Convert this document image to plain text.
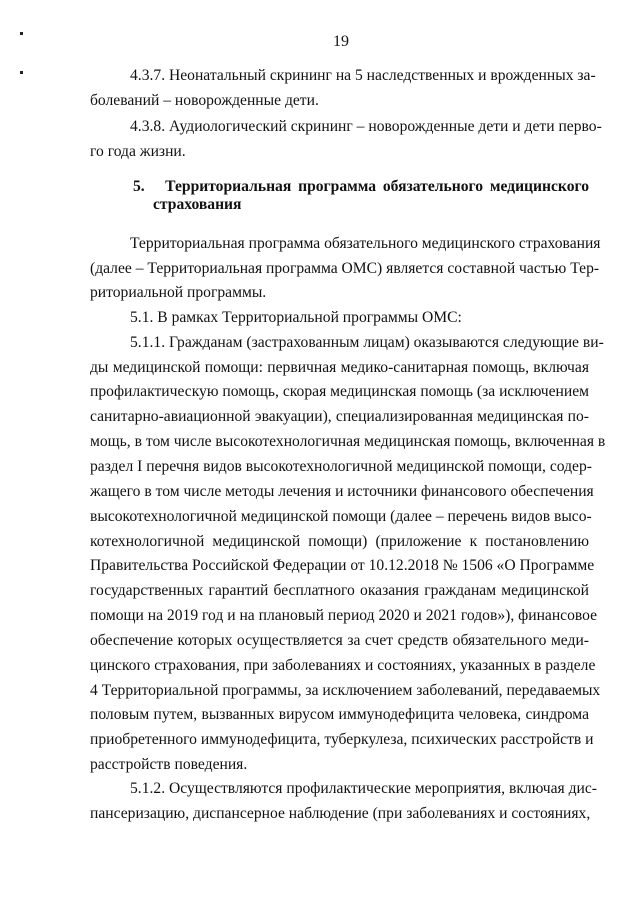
19
4.3.7. Неонатальный скрининг на 5 наследственных и врожденных за-
болеваний – новорожденные дети.
4.3.8. Аудиологический скрининг – новорожденные дети и дети перво-
го года жизни.
5. Территориальная программа обязательного медицинского
страхования
Территориальная программа обязательного медицинского страхования
(далее – Территориальная программа ОМС) является составной частью Тер-
риториальной программы.
5.1. В рамках Территориальной программы ОМС:
5.1.1. Гражданам (застрахованным лицам) оказываются следующие ви-
ды медицинской помощи: первичная медико-санитарная помощь, включая
профилактическую помощь, скорая медицинская помощь (за исключением
санитарно-авиационной эвакуации), специализированная медицинская по-
мощь, в том числе высокотехнологичная медицинская помощь, включенная в
раздел I перечня видов высокотехнологичной медицинской помощи, содер-
жащего в том числе методы лечения и источники финансового обеспечения
высокотехнологичной медицинской помощи (далее – перечень видов высо-
котехнологичной медицинской помощи) (приложение к постановлению
Правительства Российской Федерации от 10.12.2018 № 1506 «О Программе
государственных гарантий бесплатного оказания гражданам медицинской
помощи на 2019 год и на плановый период 2020 и 2021 годов»), финансовое
обеспечение которых осуществляется за счет средств обязательного меди-
цинского страхования, при заболеваниях и состояниях, указанных в разделе
4 Территориальной программы, за исключением заболеваний, передаваемых
половым путем, вызванных вирусом иммунодефицита человека, синдрома
приобретенного иммунодефицита, туберкулеза, психических расстройств и
расстройств поведения.
5.1.2. Осуществляются профилактические мероприятия, включая дис-
пансеризацию, диспансерное наблюдение (при заболеваниях и состояниях,
